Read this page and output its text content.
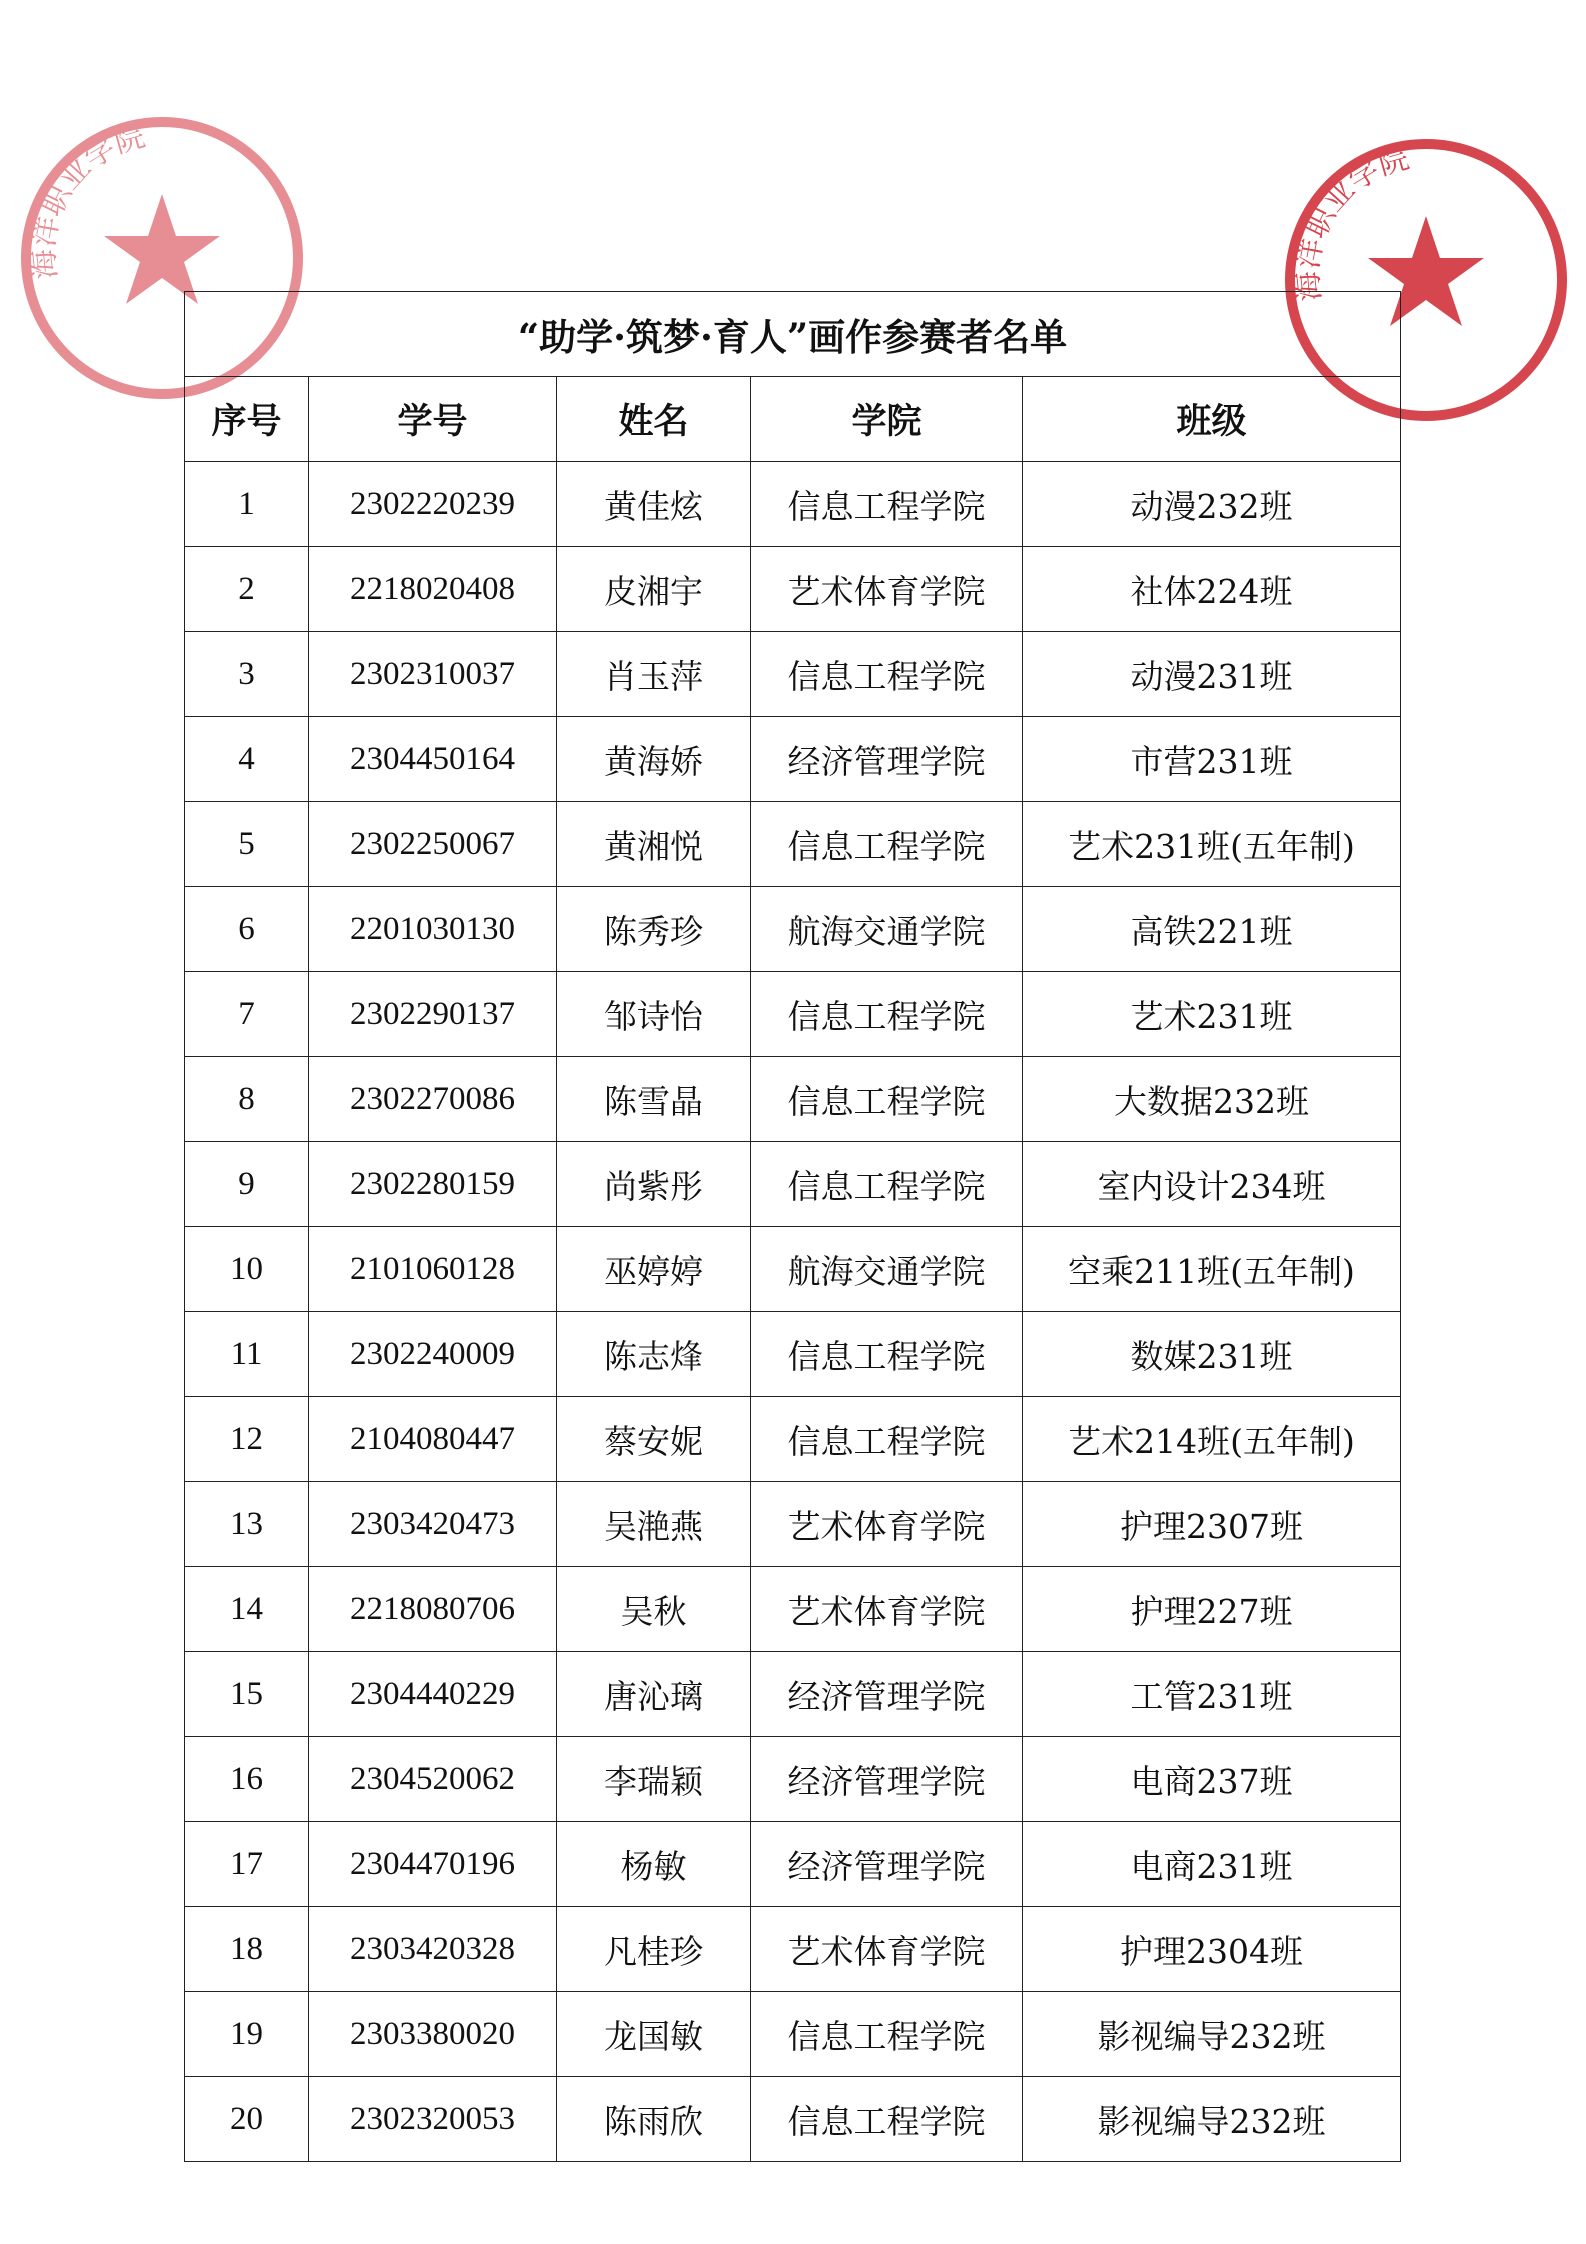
海洋职业学院
海洋职业学院
“助学·筑梦·育人”画作参赛者名单				
序号	学号	姓名	学院	班级
1	2302220239	黄佳炫	信息工程学院	动漫232班
2	2218020408	皮湘宇	艺术体育学院	社体224班
3	2302310037	肖玉萍	信息工程学院	动漫231班
4	2304450164	黄海娇	经济管理学院	市营231班
5	2302250067	黄湘悦	信息工程学院	艺术231班(五年制)
6	2201030130	陈秀珍	航海交通学院	高铁221班
7	2302290137	邹诗怡	信息工程学院	艺术231班
8	2302270086	陈雪晶	信息工程学院	大数据232班
9	2302280159	尚紫彤	信息工程学院	室内设计234班
10	2101060128	巫婷婷	航海交通学院	空乘211班(五年制)
11	2302240009	陈志烽	信息工程学院	数媒231班
12	2104080447	蔡安妮	信息工程学院	艺术214班(五年制)
13	2303420473	吴滟燕	艺术体育学院	护理2307班
14	2218080706	吴秋	艺术体育学院	护理227班
15	2304440229	唐沁璃	经济管理学院	工管231班
16	2304520062	李瑞颖	经济管理学院	电商237班
17	2304470196	杨敏	经济管理学院	电商231班
18	2303420328	凡桂珍	艺术体育学院	护理2304班
19	2303380020	龙国敏	信息工程学院	影视编导232班
20	2302320053	陈雨欣	信息工程学院	影视编导232班
